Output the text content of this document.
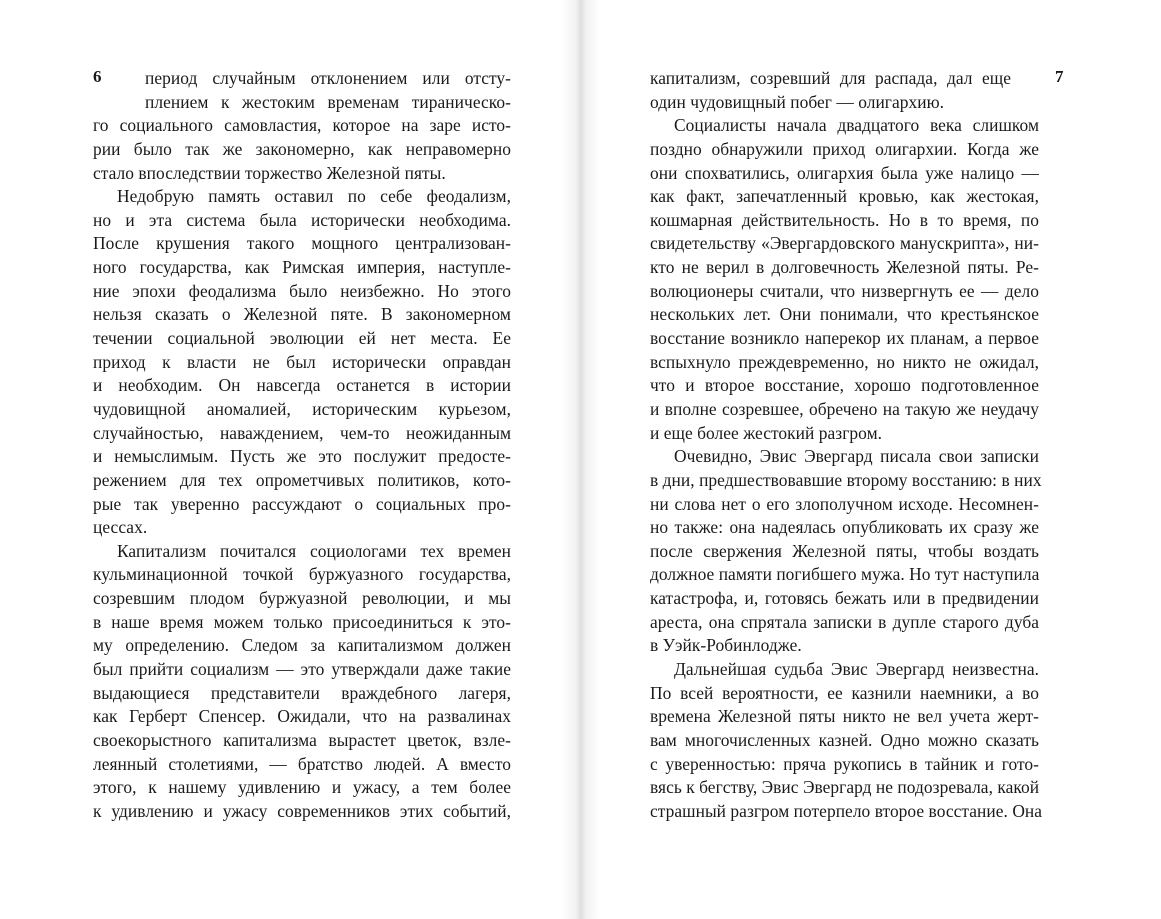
6	7
период случайным отклонением или отсту-
плением к жестоким временам тираническо-
го социального самовластия, которое на заре исто-
рии было так же закономерно, как неправомерно
стало впоследствии торжество Железной пяты.
Недобрую память оставил по себе феодализм,
но и эта система была исторически необходима.
После крушения такого мощного централизован-
ного государства, как Римская империя, наступле-
ние эпохи феодализма было неизбежно. Но этого
нельзя сказать о Железной пяте. В закономерном
течении социальной эволюции ей нет места. Ее
приход к власти не был исторически оправдан
и необходим. Он навсегда останется в истории
чудовищной аномалией, историческим курьезом,
случайностью, наваждением, чем-то неожиданным
и немыслимым. Пусть же это послужит предосте-
режением для тех опрометчивых политиков, кото-
рые так уверенно рассуждают о социальных про-
цессах.
Капитализм почитался социологами тех времен
кульминационной точкой буржуазного государства,
созревшим плодом буржуазной революции, и мы
в наше время можем только присоединиться к это-
му определению. Следом за капитализмом должен
был прийти социализм — это утверждали даже такие
выдающиеся представители враждебного лагеря,
как Герберт Спенсер. Ожидали, что на развалинах
своекорыстного капитализма вырастет цветок, взле-
леянный столетиями, — братство людей. А вместо
этого, к нашему удивлению и ужасу, а тем более
к удивлению и ужасу современников этих событий,
капитализм, созревший для распада, дал еще
один чудовищный побег — олигархию.
Социалисты начала двадцатого века слишком
поздно обнаружили приход олигархии. Когда же
они спохватились, олигархия была уже налицо —
как факт, запечатленный кровью, как жестокая,
кошмарная действительность. Но в то время, по
свидетельству «Эвергардовского манускрипта», ни-
кто не верил в долговечность Железной пяты. Ре-
волюционеры считали, что низвергнуть ее — дело
нескольких лет. Они понимали, что крестьянское
восстание возникло наперекор их планам, а первое
вспыхнуло преждевременно, но никто не ожидал,
что и второе восстание, хорошо подготовленное
и вполне созревшее, обречено на такую же неудачу
и еще более жестокий разгром.
Очевидно, Эвис Эвергард писала свои записки
в дни, предшествовавшие второму восстанию: в них
ни слова нет о его злополучном исходе. Несомнен-
но также: она надеялась опубликовать их сразу же
после свержения Железной пяты, чтобы воздать
должное памяти погибшего мужа. Но тут наступила
катастрофа, и, готовясь бежать или в предвидении
ареста, она спрятала записки в дупле старого дуба
в Уэйк-Робинлодже.
Дальнейшая судьба Эвис Эвергард неизвестна.
По всей вероятности, ее казнили наемники, а во
времена Железной пяты никто не вел учета жерт-
вам многочисленных казней. Одно можно сказать
с уверенностью: пряча рукопись в тайник и гото-
вясь к бегству, Эвис Эвергард не подозревала, какой
страшный разгром потерпело второе восстание. Она
